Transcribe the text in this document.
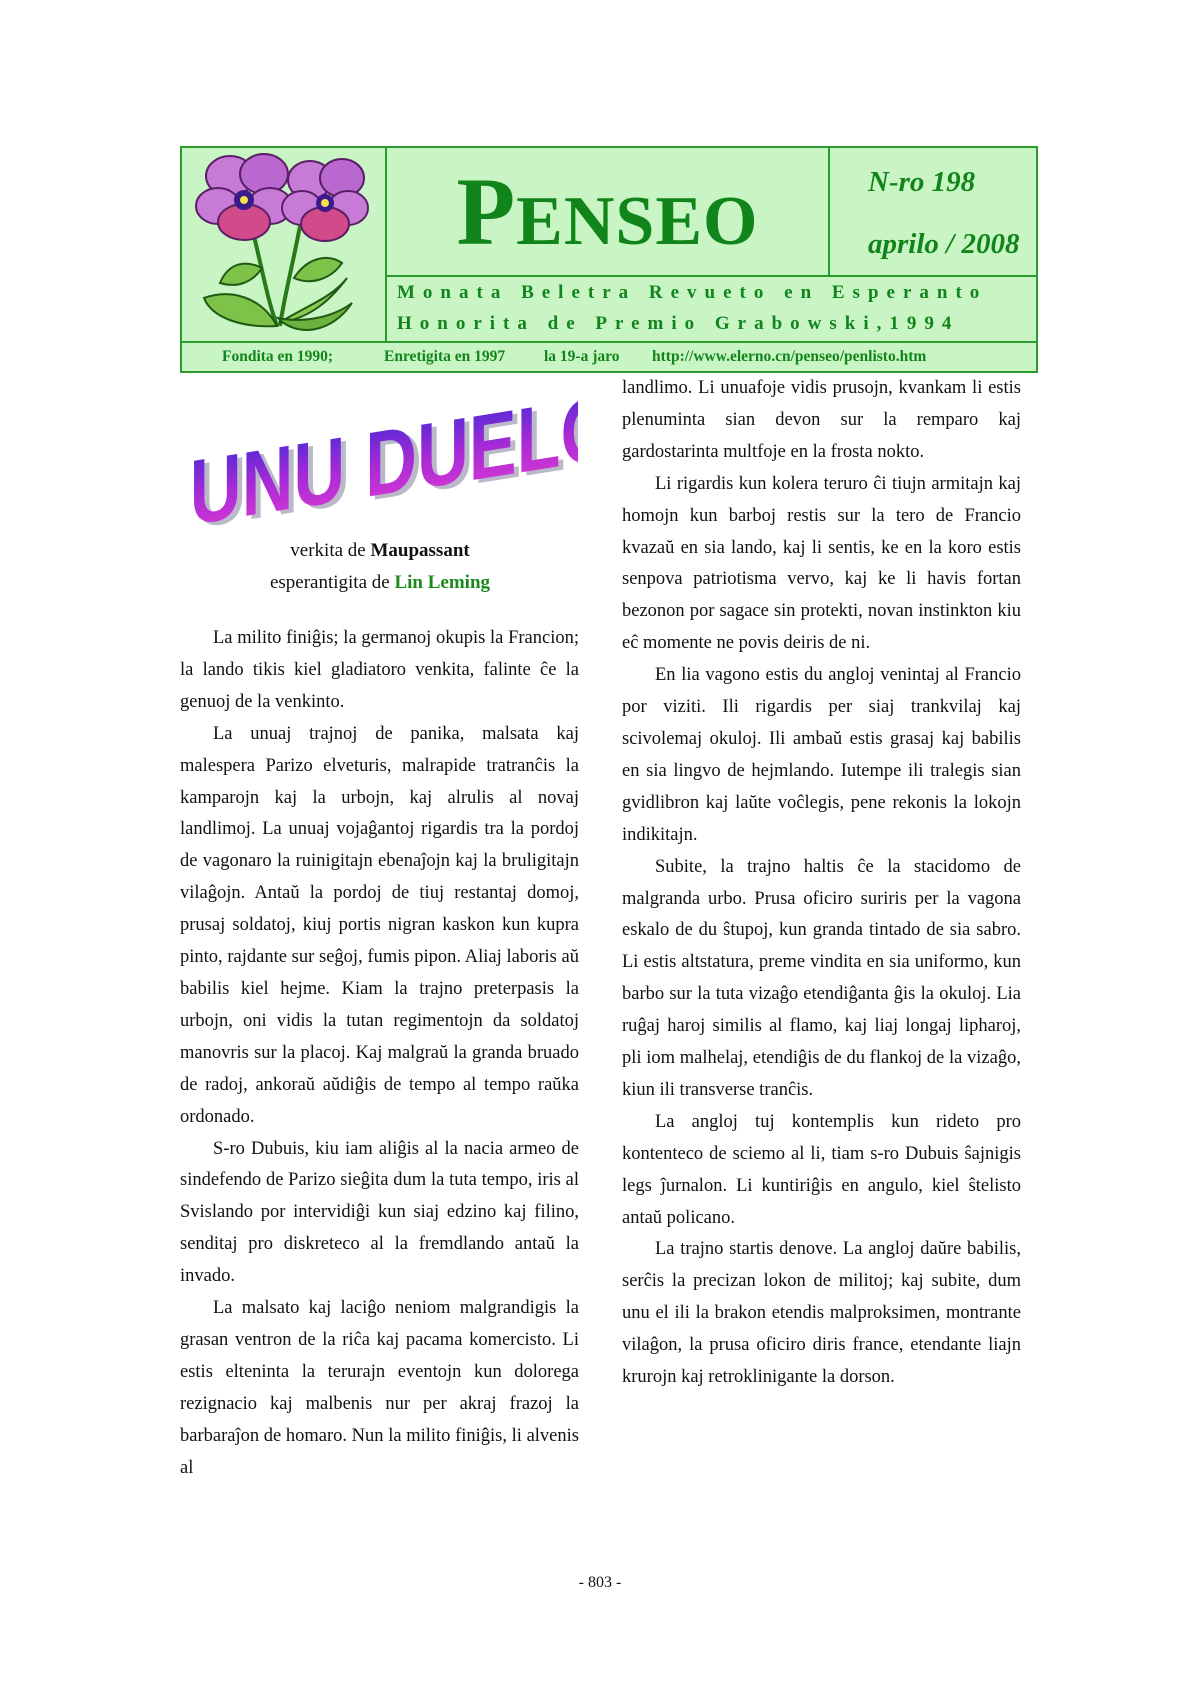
PENSEO
N-ro 198
aprilo / 2008
Monata Beletra Revueto en Esperanto
Honorita de Premio Grabowski,1994
Fondita en 1990;	Enretigita en 1997	la 19-a jaro http://www.elerno.cn/penseo/penlisto.htm
UNU DUELO
UNU DUELO
verkita de Maupassant
esperantigita de Lin Leming

La milito finiĝis; la germanoj okupis la Francion; la lando tikis kiel gladiatoro venkita, falinte ĉe la genuoj de la venkinto.

La unuaj trajnoj de panika, malsata kaj malespera Parizo elveturis, malrapide tratranĉis la kamparojn kaj la urbojn, kaj alrulis al novaj landlimoj. La unuaj vojaĝantoj rigardis tra la pordoj de vagonaro la ruinigitajn ebenaĵojn kaj la bruligitajn vilaĝojn. Antaŭ la pordoj de tiuj restantaj domoj, prusaj soldatoj, kiuj portis nigran kaskon kun kupra pinto, rajdante sur seĝoj, fumis pipon. Aliaj laboris aŭ babilis kiel hejme. Kiam la trajno preterpasis la urbojn, oni vidis la tutan regimentojn da soldatoj manovris sur la placoj. Kaj malgraŭ la granda bruado de radoj, ankoraŭ aŭdiĝis de tempo al tempo raŭka ordonado.

S-ro Dubuis, kiu iam aliĝis al la nacia armeo de sindefendo de Parizo sieĝita dum la tuta tempo, iris al Svislando por intervidiĝi kun siaj edzino kaj filino, senditaj pro diskreteco al la fremdlando antaŭ la invado.

La malsato kaj laciĝo neniom malgrandigis la grasan ventron de la riĉa kaj pacama komercisto. Li estis elteninta la terurajn eventojn kun dolorega rezignacio kaj malbenis nur per akraj frazoj la barbaraĵon de homaro. Nun la milito finiĝis, li alvenis al

landlimo. Li unuafoje vidis prusojn, kvankam li estis plenuminta sian devon sur la remparo kaj gardostarinta multfoje en la frosta nokto.

Li rigardis kun kolera teruro ĉi tiujn armitajn kaj homojn kun barboj restis sur la tero de Francio kvazaŭ en sia lando, kaj li sentis, ke en la koro estis senpova patriotisma vervo, kaj ke li havis fortan bezonon por sagace sin protekti, novan instinkton kiu eĉ momente ne povis deiris de ni.

En lia vagono estis du angloj venintaj al Francio por viziti. Ili rigardis per siaj trankvilaj kaj scivolemaj okuloj. Ili ambaŭ estis grasaj kaj babilis en sia lingvo de hejmlando. Iutempe ili tralegis sian gvidlibron kaj laŭte voĉlegis, pene rekonis la lokojn indikitajn.

Subite, la trajno haltis ĉe la stacidomo de malgranda urbo. Prusa oficiro suriris per la vagona eskalo de du ŝtupoj, kun granda tintado de sia sabro. Li estis altstatura, preme vindita en sia uniformo, kun barbo sur la tuta vizaĝo etendiĝanta ĝis la okuloj. Lia ruĝaj haroj similis al flamo, kaj liaj longaj lipharoj, pli iom malhelaj, etendiĝis de du flankoj de la vizaĝo, kiun ili transverse tranĉis.

La angloj tuj kontemplis kun rideto pro kontenteco de sciemo al li, tiam s-ro Dubuis ŝajnigis legs ĵurnalon. Li kuntiriĝis en angulo, kiel ŝtelisto antaŭ policano.

La trajno startis denove. La angloj daŭre babilis, serĉis la precizan lokon de militoj; kaj subite, dum unu el ili la brakon etendis malproksimen, montrante vilaĝon, la prusa oficiro diris france, etendante liajn krurojn kaj retroklinigante la dorson.

- 803 -
